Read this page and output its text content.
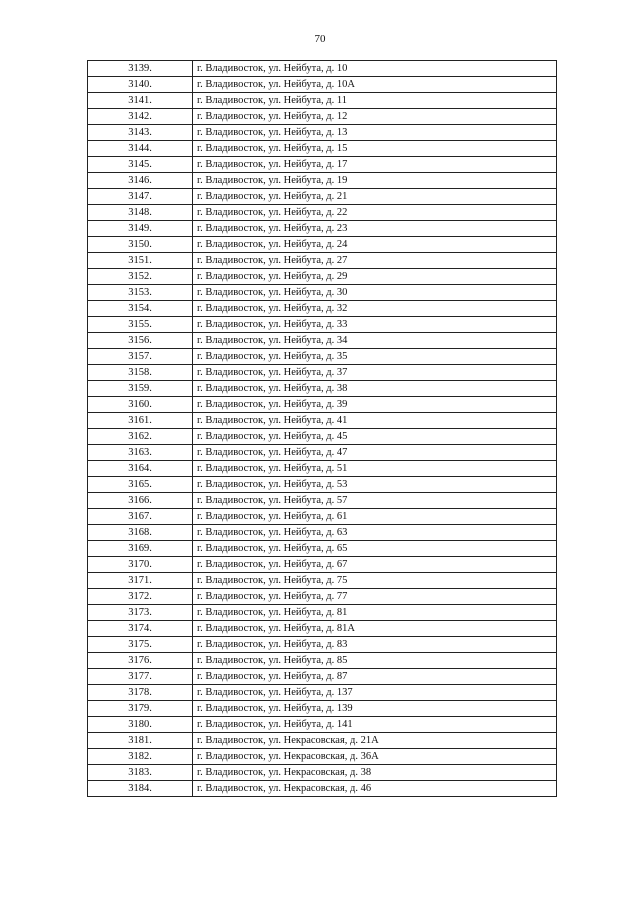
70
3139.	г. Владивосток, ул. Нейбута, д. 10
3140.	г. Владивосток, ул. Нейбута, д. 10А
3141.	г. Владивосток, ул. Нейбута, д. 11
3142.	г. Владивосток, ул. Нейбута, д. 12
3143.	г. Владивосток, ул. Нейбута, д. 13
3144.	г. Владивосток, ул. Нейбута, д. 15
3145.	г. Владивосток, ул. Нейбута, д. 17
3146.	г. Владивосток, ул. Нейбута, д. 19
3147.	г. Владивосток, ул. Нейбута, д. 21
3148.	г. Владивосток, ул. Нейбута, д. 22
3149.	г. Владивосток, ул. Нейбута, д. 23
3150.	г. Владивосток, ул. Нейбута, д. 24
3151.	г. Владивосток, ул. Нейбута, д. 27
3152.	г. Владивосток, ул. Нейбута, д. 29
3153.	г. Владивосток, ул. Нейбута, д. 30
3154.	г. Владивосток, ул. Нейбута, д. 32
3155.	г. Владивосток, ул. Нейбута, д. 33
3156.	г. Владивосток, ул. Нейбута, д. 34
3157.	г. Владивосток, ул. Нейбута, д. 35
3158.	г. Владивосток, ул. Нейбута, д. 37
3159.	г. Владивосток, ул. Нейбута, д. 38
3160.	г. Владивосток, ул. Нейбута, д. 39
3161.	г. Владивосток, ул. Нейбута, д. 41
3162.	г. Владивосток, ул. Нейбута, д. 45
3163.	г. Владивосток, ул. Нейбута, д. 47
3164.	г. Владивосток, ул. Нейбута, д. 51
3165.	г. Владивосток, ул. Нейбута, д. 53
3166.	г. Владивосток, ул. Нейбута, д. 57
3167.	г. Владивосток, ул. Нейбута, д. 61
3168.	г. Владивосток, ул. Нейбута, д. 63
3169.	г. Владивосток, ул. Нейбута, д. 65
3170.	г. Владивосток, ул. Нейбута, д. 67
3171.	г. Владивосток, ул. Нейбута, д. 75
3172.	г. Владивосток, ул. Нейбута, д. 77
3173.	г. Владивосток, ул. Нейбута, д. 81
3174.	г. Владивосток, ул. Нейбута, д. 81А
3175.	г. Владивосток, ул. Нейбута, д. 83
3176.	г. Владивосток, ул. Нейбута, д. 85
3177.	г. Владивосток, ул. Нейбута, д. 87
3178.	г. Владивосток, ул. Нейбута, д. 137
3179.	г. Владивосток, ул. Нейбута, д. 139
3180.	г. Владивосток, ул. Нейбута, д. 141
3181.	г. Владивосток, ул. Некрасовская, д. 21А
3182.	г. Владивосток, ул. Некрасовская, д. 36А
3183.	г. Владивосток, ул. Некрасовская, д. 38
3184.	г. Владивосток, ул. Некрасовская, д. 46
